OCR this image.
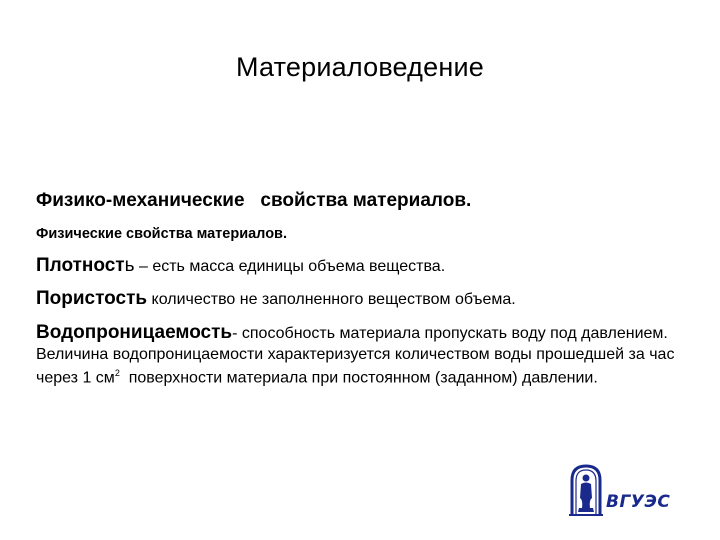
Материаловедение
Физико-механические   свойства материалов.
Физические свойства материалов.
Плотность – есть масса единицы объема вещества.
Пористость количество не заполненного веществом объема.
Водопроницаемость- способность материала пропускать воду под давлением. Величина водопроницаемости характеризуется количеством воды прошедшей за час через 1 $см^2$  поверхности материала при постоянном (заданном) давлении.
ВГУЭС
